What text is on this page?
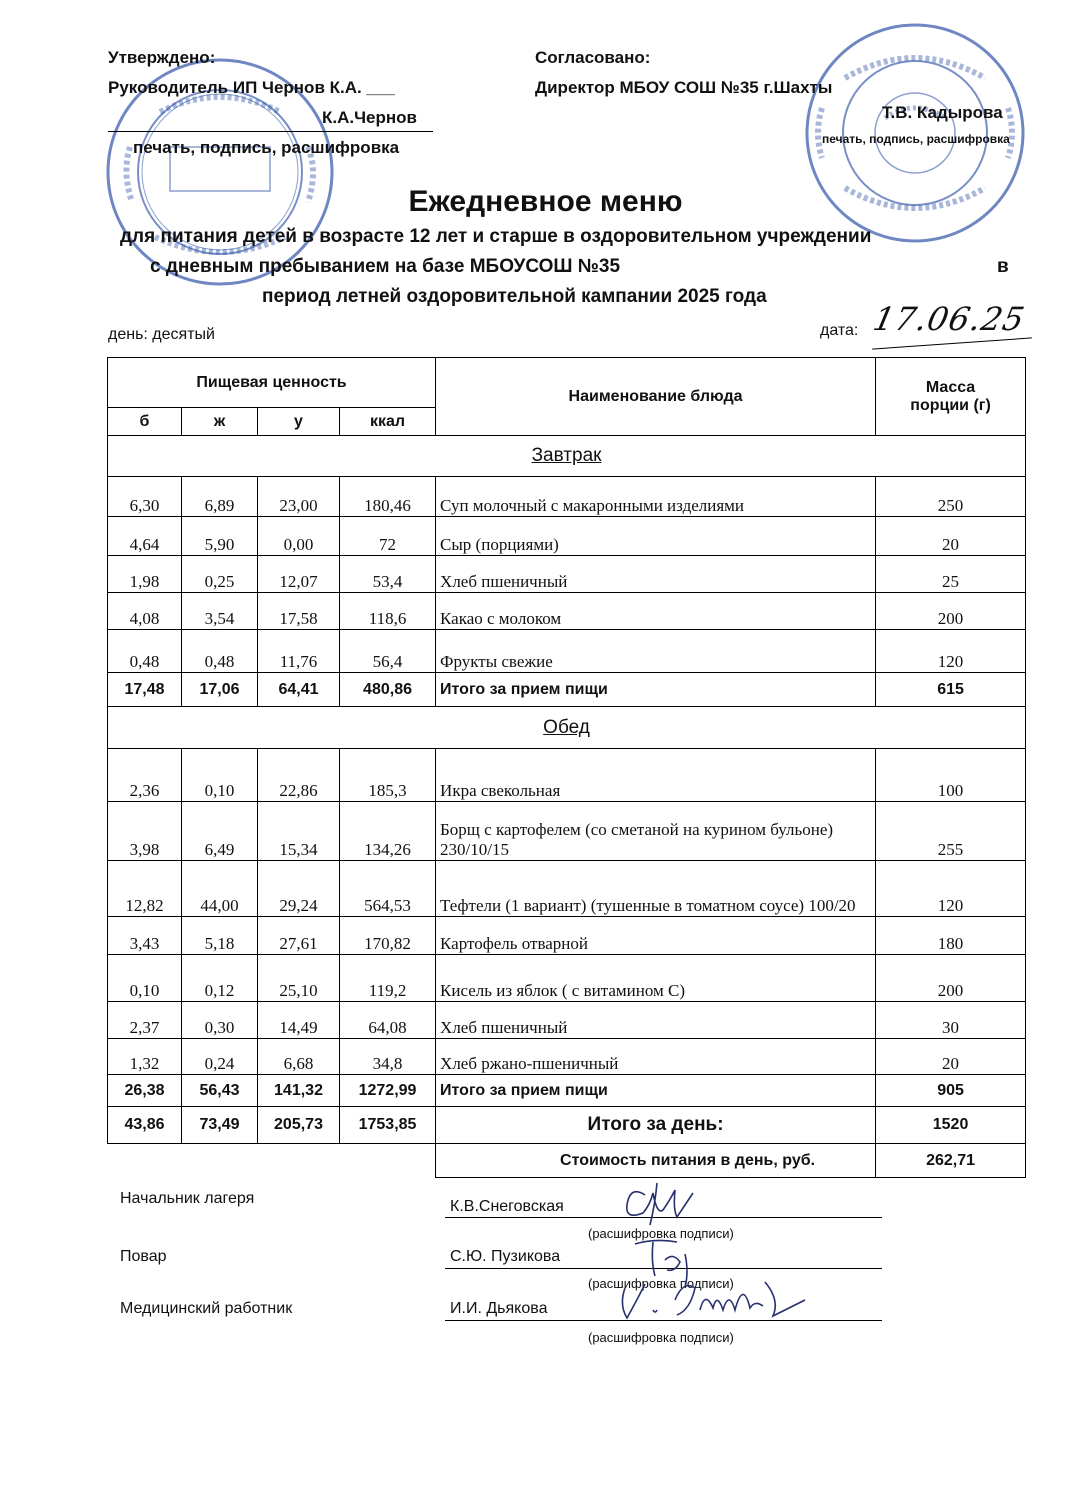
Утверждено:
Руководитель ИП Чернов К.А. ___
К.А.Чернов
печать, подпись, расшифровка
Согласовано:
Директор МБОУ СОШ №35 г.Шахты
Т.В. Кадырова
печать, подпись, расшифровка
Ежедневное меню
для питания детей в возрасте 12 лет и старше в оздоровительном учреждении
с дневным пребыванием на базе МБОУСОШ №35	в
период летней оздоровительной кампании 2025 года
день: десятый	дата: 17.06.25
Пищевая ценность				Наименование блюда	Масса порции (г)
б	ж	у	ккал		
Завтрак					
6,30	6,89	23,00	180,46	Суп молочный с макаронными изделиями	250
4,64	5,90	0,00	72	Сыр (порциями)	20
1,98	0,25	12,07	53,4	Хлеб пшеничный	25
4,08	3,54	17,58	118,6	Какао с молоком	200
0,48	0,48	11,76	56,4	Фрукты свежие	120
17,48	17,06	64,41	480,86	Итого за прием пищи	615
Обед					
2,36	0,10	22,86	185,3	Икра свекольная	100
3,98	6,49	15,34	134,26	Борщ с картофелем (со сметаной на курином бульоне) 230/10/15	255
12,82	44,00	29,24	564,53	Тефтели (1 вариант) (тушенные в томатном соусе) 100/20	120
3,43	5,18	27,61	170,82	Картофель отварной	180
0,10	0,12	25,10	119,2	Кисель из яблок ( с витамином С)	200
2,37	0,30	14,49	64,08	Хлеб пшеничный	30
1,32	0,24	6,68	34,8	Хлеб ржано-пшеничный	20
26,38	56,43	141,32	1272,99	Итого за прием пищи	905
43,86	73,49	205,73	1753,85	Итого за день:	1520
				Стоимость питания в день, руб.	262,71
Начальник лагеря	К.В.Снеговская
(расшифровка подписи)
Повар	С.Ю. Пузикова
(расшифровка подписи)
Медицинский работник	И.И. Дьякова
(расшифровка подписи)
